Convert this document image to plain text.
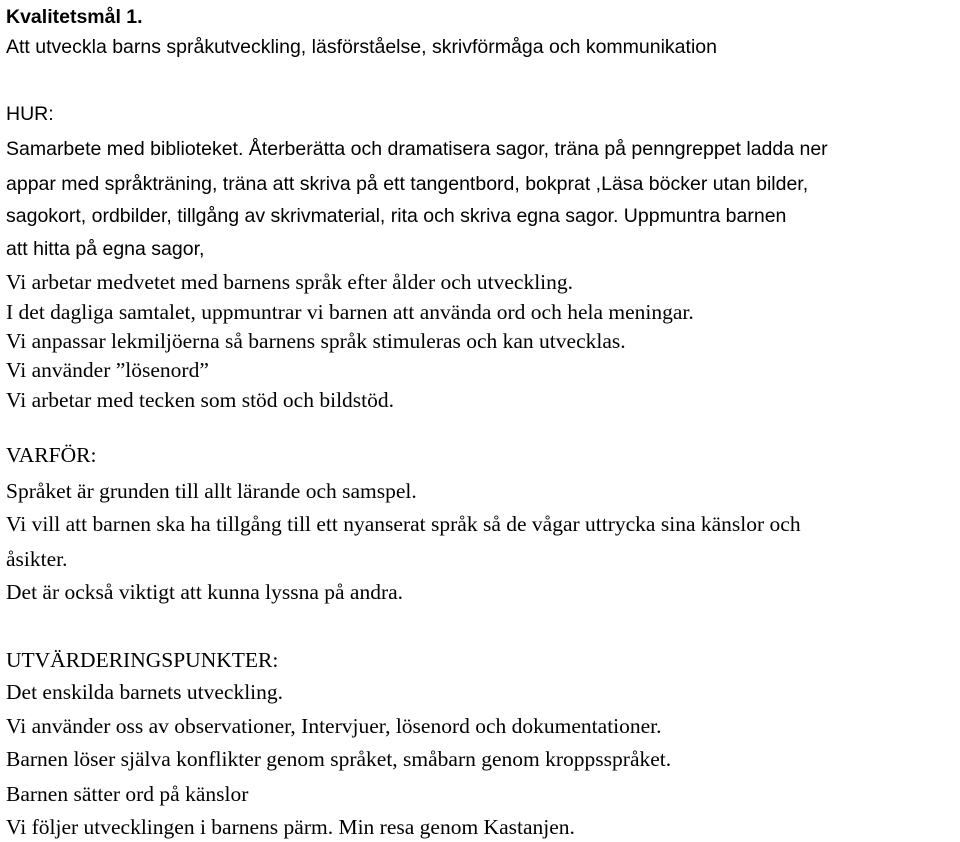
Kvalitetsmål 1.
Att utveckla barns språkutveckling, läsförståelse, skrivförmåga och kommunikation
HUR:
Samarbete med biblioteket. Återberätta och dramatisera sagor, träna på penngreppet ladda ner
appar med språkträning, träna att skriva på ett tangentbord, bokprat ,Läsa böcker utan bilder,
sagokort, ordbilder, tillgång av skrivmaterial, rita och skriva egna sagor. Uppmuntra barnen
att hitta på egna sagor,
Vi arbetar medvetet med barnens språk efter ålder och utveckling.
I det dagliga samtalet, uppmuntrar vi barnen att använda ord och hela meningar.
Vi anpassar lekmiljöerna så barnens språk stimuleras och kan utvecklas.
Vi använder ”lösenord”
Vi arbetar med tecken som stöd och bildstöd.
VARFÖR:
Språket är grunden till allt lärande och samspel.
Vi vill att barnen ska ha tillgång till ett nyanserat språk så de vågar uttrycka sina känslor och
åsikter.
Det är också viktigt att kunna lyssna på andra.
UTVÄRDERINGSPUNKTER:
Det enskilda barnets utveckling.
Vi använder oss av observationer, Intervjuer, lösenord och dokumentationer.
Barnen löser själva konflikter genom språket, småbarn genom kroppsspråket.
Barnen sätter ord på känslor
Vi följer utvecklingen i barnens pärm. Min resa genom Kastanjen.
